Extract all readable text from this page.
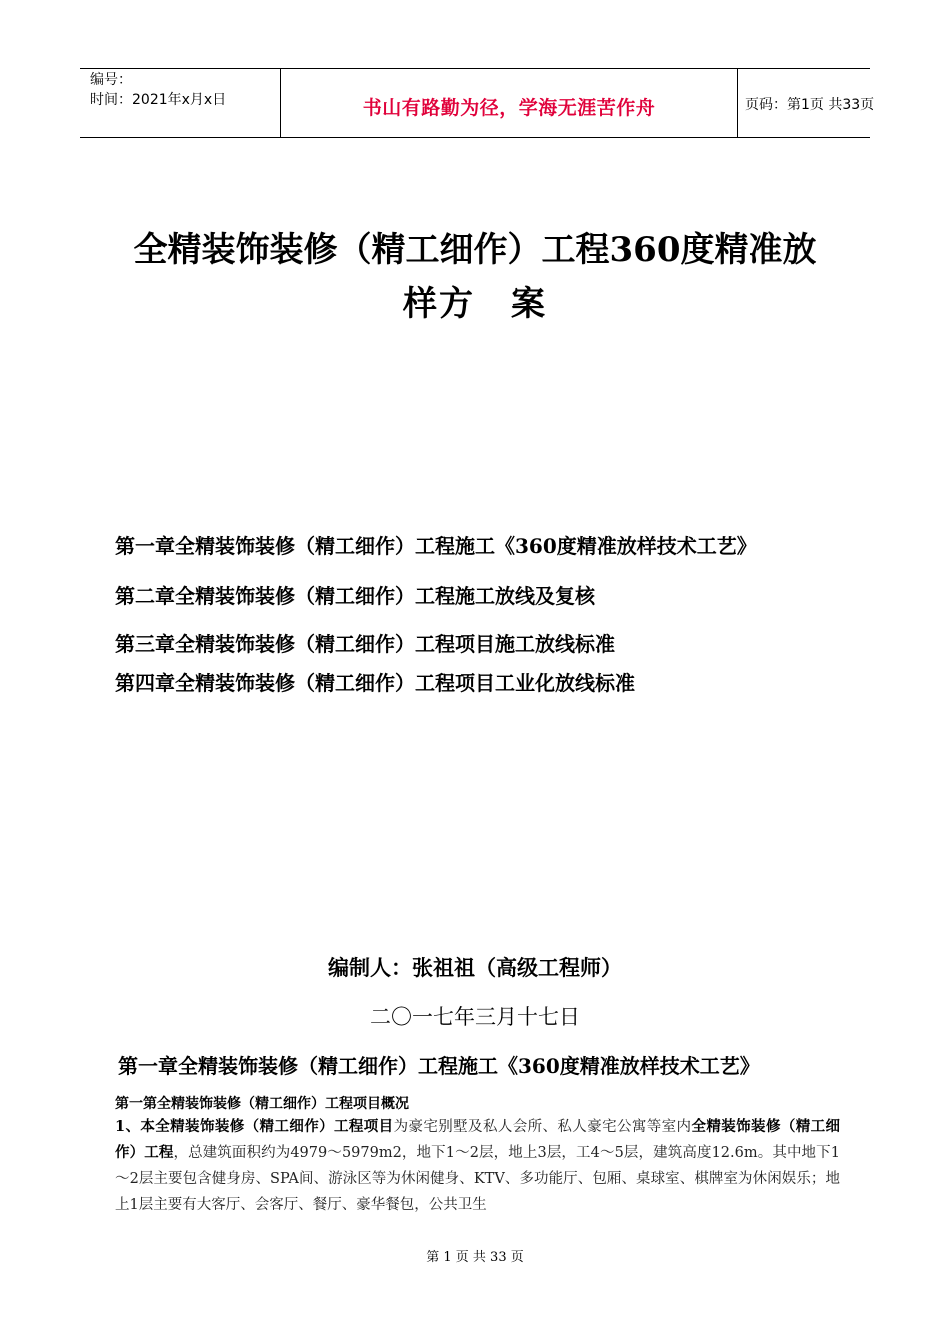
编号：
时间：2021年x月x日	书山有路勤为径，学海无涯苦作舟	页码：第1页 共33页
全精装饰装修（精工细作）工程360度精准放
样方　案
第一章全精装饰装修（精工细作）工程施工《360度精准放样技术工艺》
第二章全精装饰装修（精工细作）工程施工放线及复核
第三章全精装饰装修（精工细作）工程项目施工放线标准
第四章全精装饰装修（精工细作）工程项目工业化放线标准
编制人：张祖祖（高级工程师）
二〇一七年三月十七日
第一章全精装饰装修（精工细作）工程施工《360度精准放样技术工艺》
第一第全精装饰装修（精工细作）工程项目概况
1、本全精装饰装修（精工细作）工程项目为豪宅别墅及私人会所、私人豪宅公寓等室内全精装饰装修（精工细作）工程，总建筑面积约为4979～5979m2，地下1～2层，地上3层，工4～5层，建筑高度12.6m。其中地下1～2层主要包含健身房、SPA间、游泳区等为休闲健身、KTV、多功能厅、包厢、桌球室、棋牌室为休闲娱乐；地上1层主要有大客厅、会客厅、餐厅、豪华餐包，公共卫生
第 1 页 共 33 页
